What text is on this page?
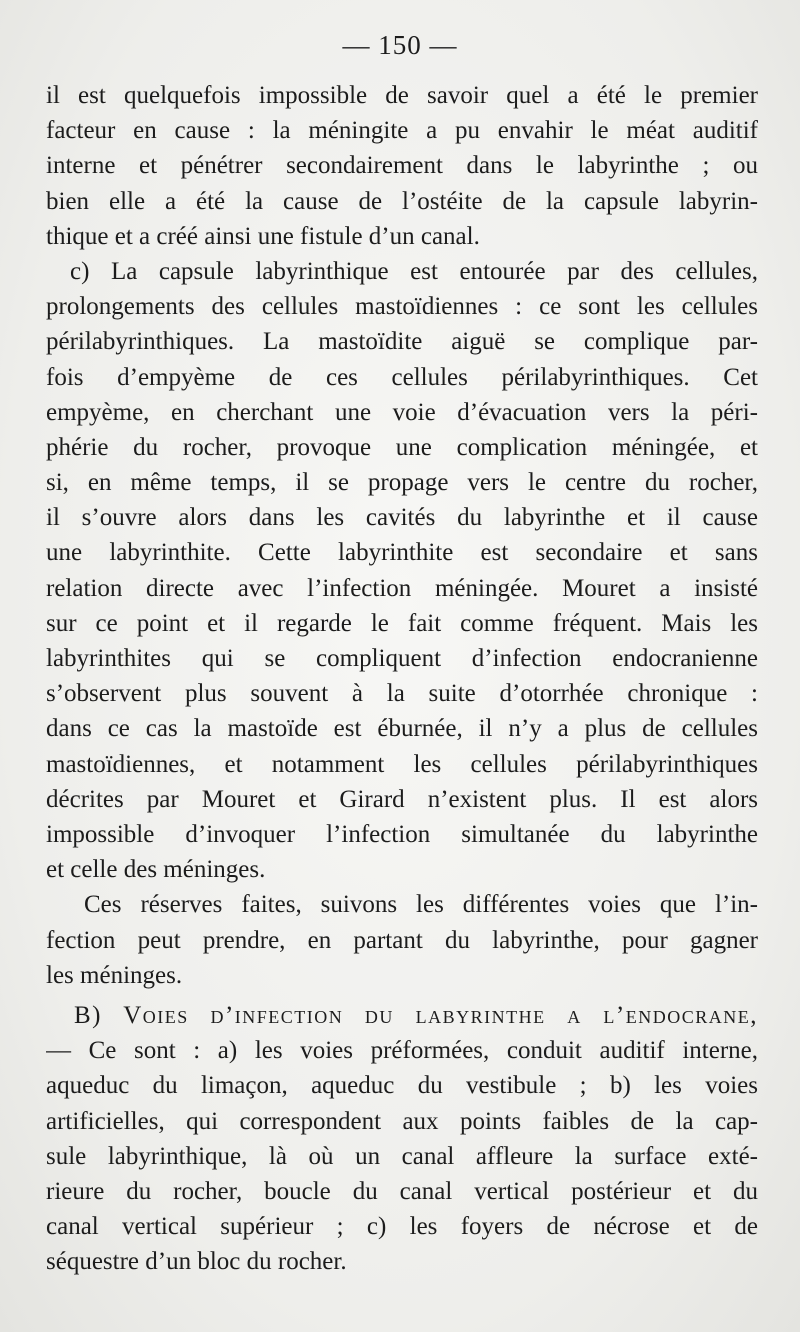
— 150 —
il est quelquefois impossible de savoir quel a été le premier
facteur en cause : la méningite a pu envahir le méat auditif
interne et pénétrer secondairement dans le labyrinthe ; ou
bien elle a été la cause de l’ostéite de la capsule labyrin-
thique et a créé ainsi une fistule d’un canal.
c) La capsule labyrinthique est entourée par des cellules,
prolongements des cellules mastoïdiennes : ce sont les cellules
périlabyrinthiques. La mastoïdite aiguë se complique par-
fois d’empyème de ces cellules périlabyrinthiques. Cet
empyème, en cherchant une voie d’évacuation vers la péri-
phérie du rocher, provoque une complication méningée, et
si, en même temps, il se propage vers le centre du rocher,
il s’ouvre alors dans les cavités du labyrinthe et il cause
une labyrinthite. Cette labyrinthite est secondaire et sans
relation directe avec l’infection méningée. Mouret a insisté
sur ce point et il regarde le fait comme fréquent. Mais les
labyrinthites qui se compliquent d’infection endocranienne
s’observent plus souvent à la suite d’otorrhée chronique :
dans ce cas la mastoïde est éburnée, il n’y a plus de cellules
mastoïdiennes, et notamment les cellules périlabyrinthiques
décrites par Mouret et Girard n’existent plus. Il est alors
impossible d’invoquer l’infection simultanée du labyrinthe
et celle des méninges.
Ces réserves faites, suivons les différentes voies que l’in-
fection peut prendre, en partant du labyrinthe, pour gagner
les méninges.
B) Voies d’infection du labyrinthe a l’endocrane,
— Ce sont : a) les voies préformées, conduit auditif interne,
aqueduc du limaçon, aqueduc du vestibule ; b) les voies
artificielles, qui correspondent aux points faibles de la cap-
sule labyrinthique, là où un canal affleure la surface exté-
rieure du rocher, boucle du canal vertical postérieur et du
canal vertical supérieur ; c) les foyers de nécrose et de
séquestre d’un bloc du rocher.
